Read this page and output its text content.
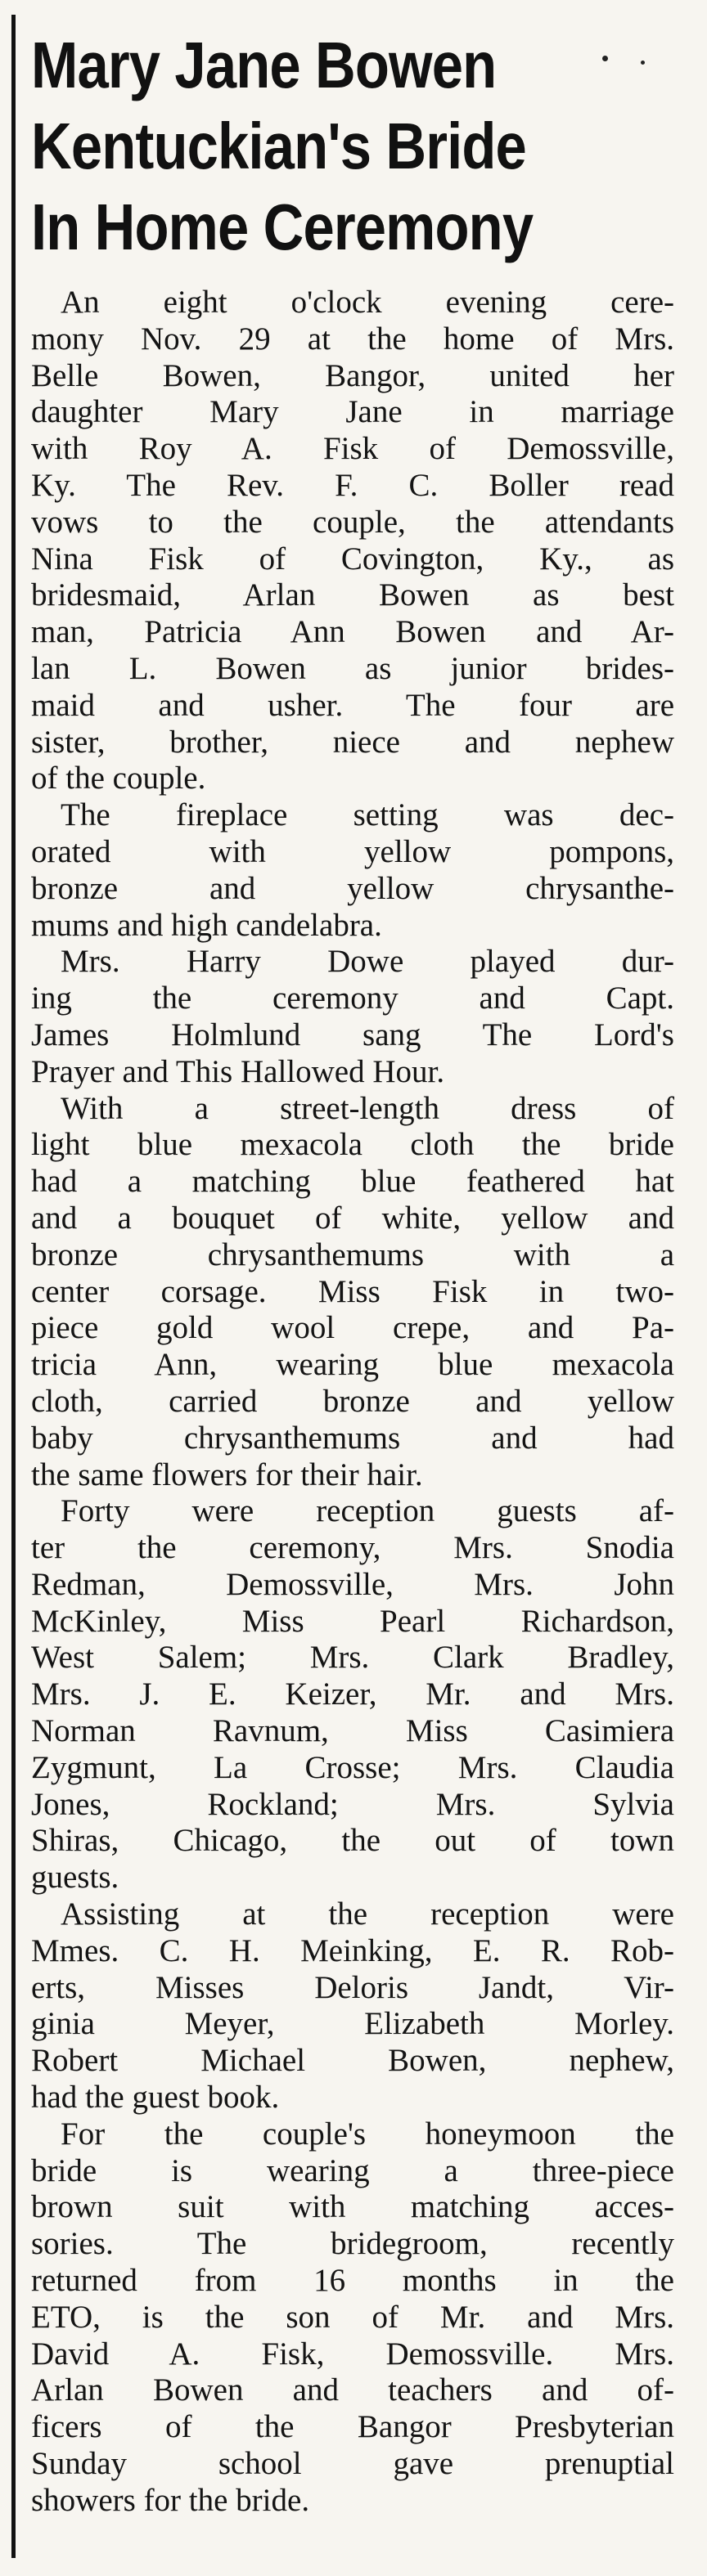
Mary Jane Bowen
Kentuckian's Bride
In Home Ceremony
An eight o'clock evening cere-
mony Nov. 29 at the home of Mrs.
Belle Bowen, Bangor, united her
daughter Mary Jane in marriage
with Roy A. Fisk of Demossville,
Ky. The Rev. F. C. Boller read
vows to the couple, the attendants
Nina Fisk of Covington, Ky., as
bridesmaid, Arlan Bowen as best
man, Patricia Ann Bowen and Ar-
lan L. Bowen as junior brides-
maid and usher. The four are
sister, brother, niece and nephew
of the couple.
The fireplace setting was dec-
orated with yellow pompons,
bronze and yellow chrysanthe-
mums and high candelabra.
Mrs. Harry Dowe played dur-
ing the ceremony and Capt.
James Holmlund sang The Lord's
Prayer and This Hallowed Hour.
With a street-length dress of
light blue mexacola cloth the bride
had a matching blue feathered hat
and a bouquet of white, yellow and
bronze chrysanthemums with a
center corsage. Miss Fisk in two-
piece gold wool crepe, and Pa-
tricia Ann, wearing blue mexacola
cloth, carried bronze and yellow
baby chrysanthemums and had
the same flowers for their hair.
Forty were reception guests af-
ter the ceremony, Mrs. Snodia
Redman, Demossville, Mrs. John
McKinley, Miss Pearl Richardson,
West Salem; Mrs. Clark Bradley,
Mrs. J. E. Keizer, Mr. and Mrs.
Norman Ravnum, Miss Casimiera
Zygmunt, La Crosse; Mrs. Claudia
Jones, Rockland; Mrs. Sylvia
Shiras, Chicago, the out of town
guests.
Assisting at the reception were
Mmes. C. H. Meinking, E. R. Rob-
erts, Misses Deloris Jandt, Vir-
ginia Meyer, Elizabeth Morley.
Robert Michael Bowen, nephew,
had the guest book.
For the couple's honeymoon the
bride is wearing a three-piece
brown suit with matching acces-
sories. The bridegroom, recently
returned from 16 months in the
ETO, is the son of Mr. and Mrs.
David A. Fisk, Demossville. Mrs.
Arlan Bowen and teachers and of-
ficers of the Bangor Presbyterian
Sunday school gave prenuptial
showers for the bride.
